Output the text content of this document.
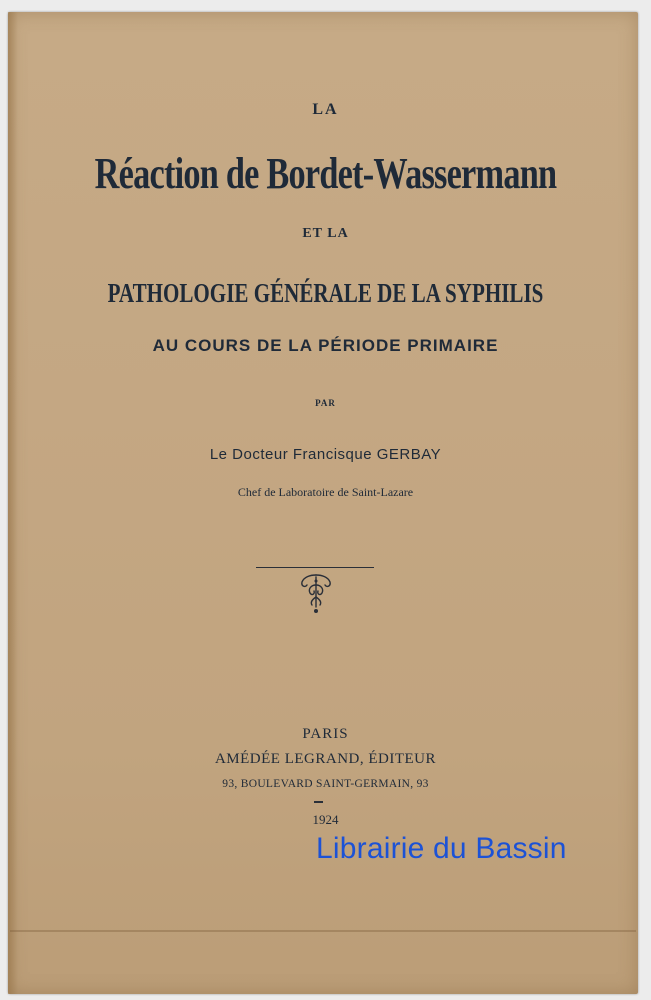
LA
Réaction de Bordet-Wassermann
ET LA
PATHOLOGIE GÉNÉRALE DE LA SYPHILIS
AU COURS DE LA PÉRIODE PRIMAIRE
PAR
Le Docteur Francisque GERBAY
Chef de Laboratoire de Saint-Lazare
PARIS
AMÉDÉE LEGRAND, ÉDITEUR
93, BOULEVARD SAINT-GERMAIN, 93
1924
Librairie du Bassin
